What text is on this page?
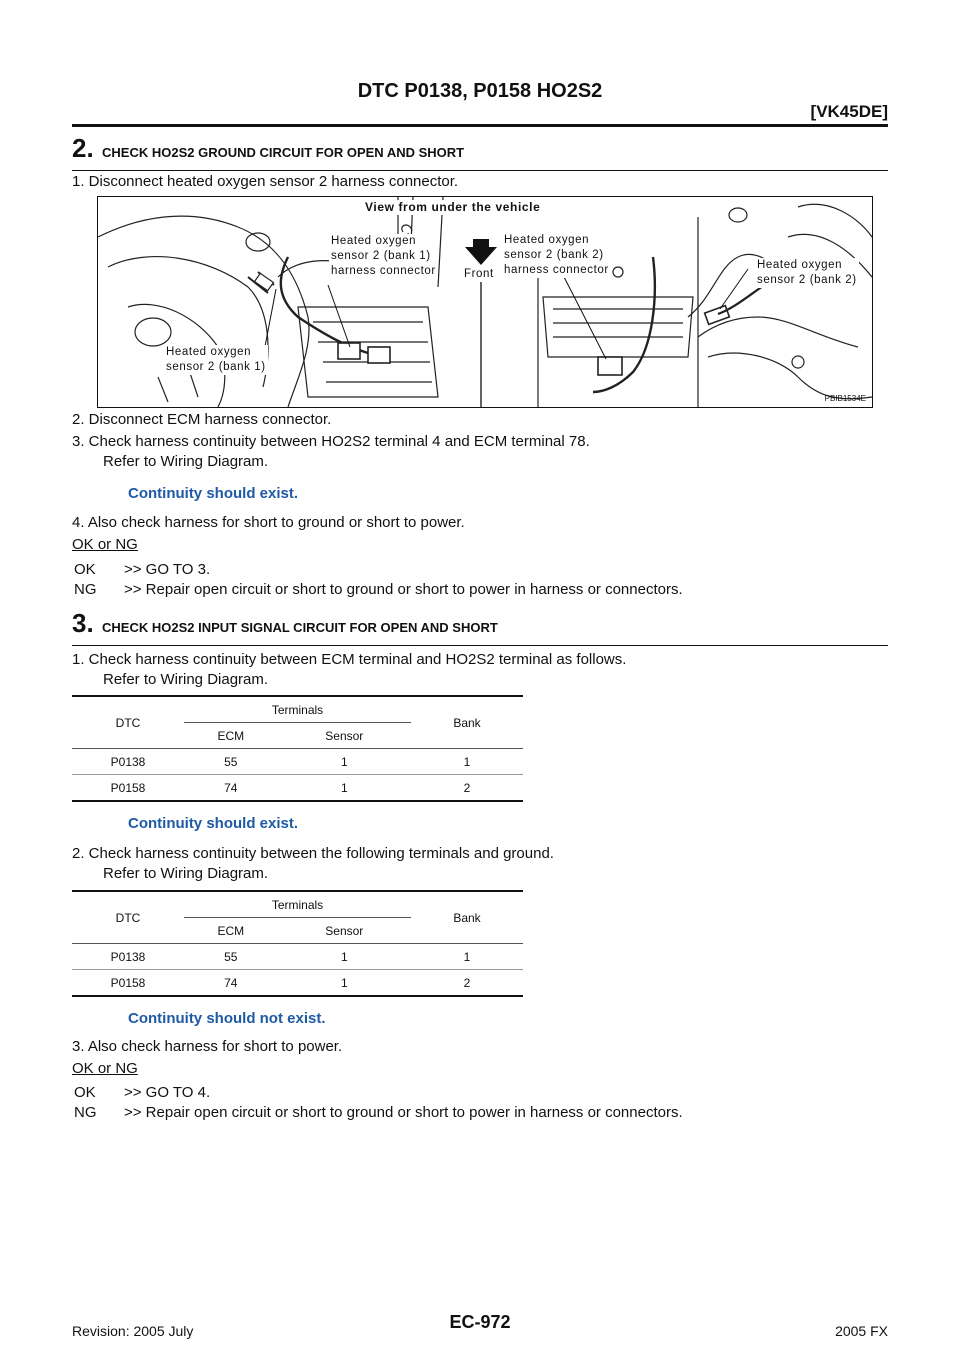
DTC P0138, P0158 HO2S2
[VK45DE]
2. CHECK HO2S2 GROUND CIRCUIT FOR OPEN AND SHORT
1. Disconnect heated oxygen sensor 2 harness connector.
View from under the vehicle
Heated oxygen
sensor 2 (bank 1)
harness connector Front
Heated oxygen
sensor 2 (bank 2)
harness connector	Heated oxygen
sensor 2 (bank 2)
Heated oxygen
sensor 2 (bank 1)
PBIB1534E
2. Disconnect ECM harness connector.
3. Check harness continuity between HO2S2 terminal 4 and ECM terminal 78.
Refer to Wiring Diagram.
Continuity should exist.
4. Also check harness for short to ground or short to power.
OK or NG
OK >> GO TO 3.
NG >> Repair open circuit or short to ground or short to power in harness or connectors.
3. CHECK HO2S2 INPUT SIGNAL CIRCUIT FOR OPEN AND SHORT
1. Check harness continuity between ECM terminal and HO2S2 terminal as follows.
Refer to Wiring Diagram.
DTC	Terminals		Bank
	ECM	Sensor	
P0138	55	1	1
P0158	74	1	2
Continuity should exist.
2. Check harness continuity between the following terminals and ground.
Refer to Wiring Diagram.
DTC	Terminals		Bank
	ECM	Sensor	
P0138	55	1	1
P0158	74	1	2
Continuity should not exist.
3. Also check harness for short to power.
OK or NG
OK >> GO TO 4.
NG >> Repair open circuit or short to ground or short to power in harness or connectors.
Revision: 2005 July	EC-972	2005 FX
